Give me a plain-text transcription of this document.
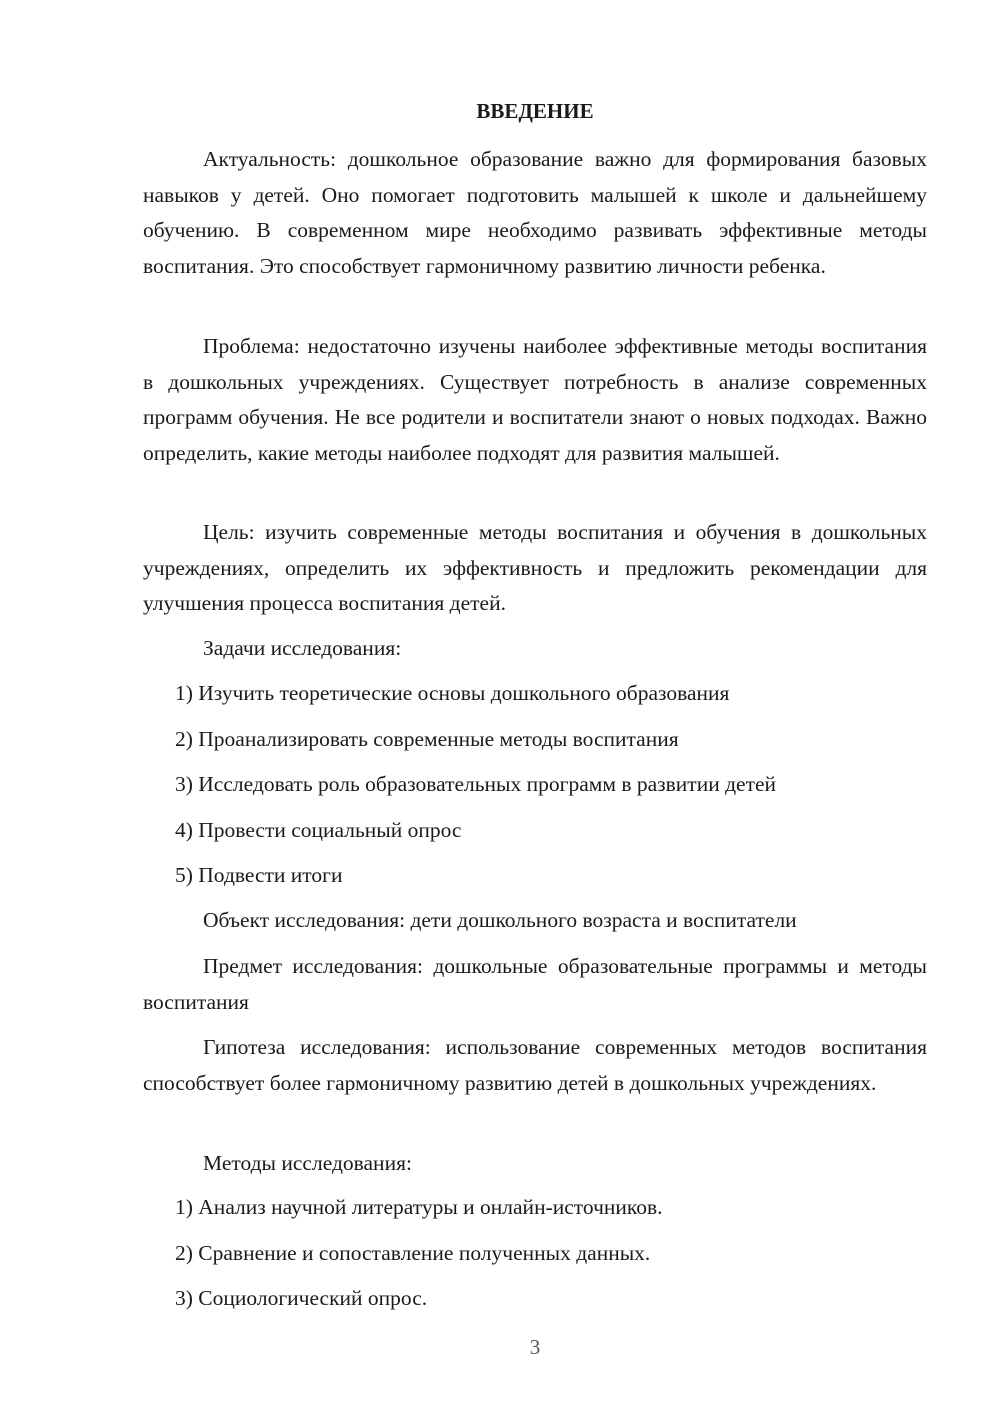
ВВЕДЕНИЕ

Актуальность: дошкольное образование важно для формирования базовых навыков у детей. Оно помогает подготовить малышей к школе и дальнейшему обучению. В современном мире необходимо развивать эффективные методы воспитания. Это способствует гармоничному развитию личности ребенка.

Проблема: недостаточно изучены наиболее эффективные методы воспитания в дошкольных учреждениях. Существует потребность в анализе современных программ обучения. Не все родители и воспитатели знают о новых подходах. Важно определить, какие методы наиболее подходят для развития малышей.

Цель: изучить современные методы воспитания и обучения в дошкольных учреждениях, определить их эффективность и предложить рекомендации для улучшения процесса воспитания детей.

Задачи исследования:

1) Изучить теоретические основы дошкольного образования

2) Проанализировать современные методы воспитания

3) Исследовать роль образовательных программ в развитии детей

4) Провести социальный опрос

5) Подвести итоги

Объект исследования: дети дошкольного возраста и воспитатели

Предмет исследования: дошкольные образовательные программы и методы воспитания

Гипотеза исследования: использование современных методов воспитания способствует более гармоничному развитию детей в дошкольных учреждениях.

Методы исследования:

1) Анализ научной литературы и онлайн-источников.

2) Сравнение и сопоставление полученных данных.

3) Социологический опрос.

3
